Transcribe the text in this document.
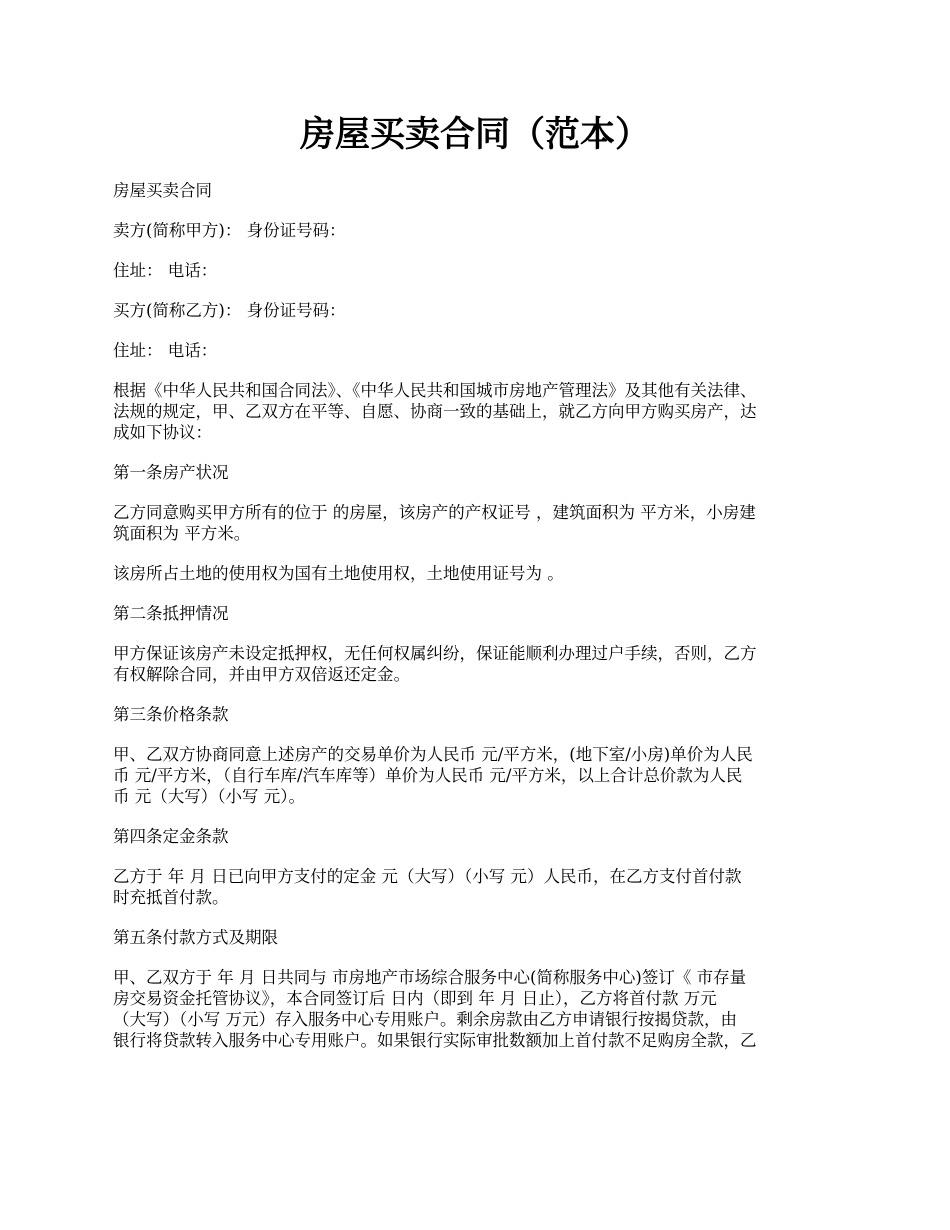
房屋买卖合同（范本）

房屋买卖合同

卖方(简称甲方)： 身份证号码：

住址： 电话：

买方(简称乙方)： 身份证号码：

住址： 电话：

根据《中华人民共和国合同法》、《中华人民共和国城市房地产管理法》及其他有关法律、
法规的规定，甲、乙双方在平等、自愿、协商一致的基础上，就乙方向甲方购买房产，达
成如下协议：

第一条房产状况

乙方同意购买甲方所有的位于 的房屋，该房产的产权证号 ，建筑面积为 平方米，小房建
筑面积为 平方米。

该房所占土地的使用权为国有土地使用权，土地使用证号为 。

第二条抵押情况

甲方保证该房产未设定抵押权，无任何权属纠纷，保证能顺利办理过户手续，否则，乙方
有权解除合同，并由甲方双倍返还定金。

第三条价格条款

甲、乙双方协商同意上述房产的交易单价为人民币 元/平方米，(地下室/小房)单价为人民
币 元/平方米，（自行车库/汽车库等）单价为人民币 元/平方米，以上合计总价款为人民
币 元（大写）（小写 元）。

第四条定金条款

乙方于 年 月 日已向甲方支付的定金 元（大写）（小写 元）人民币，在乙方支付首付款
时充抵首付款。

第五条付款方式及期限

甲、乙双方于 年 月 日共同与 市房地产市场综合服务中心(简称服务中心)签订《 市存量
房交易资金托管协议》，本合同签订后 日内（即到 年 月 日止），乙方将首付款 万元
（大写）（小写 万元）存入服务中心专用账户。剩余房款由乙方申请银行按揭贷款，由
银行将贷款转入服务中心专用账户。如果银行实际审批数额加上首付款不足购房全款，乙
